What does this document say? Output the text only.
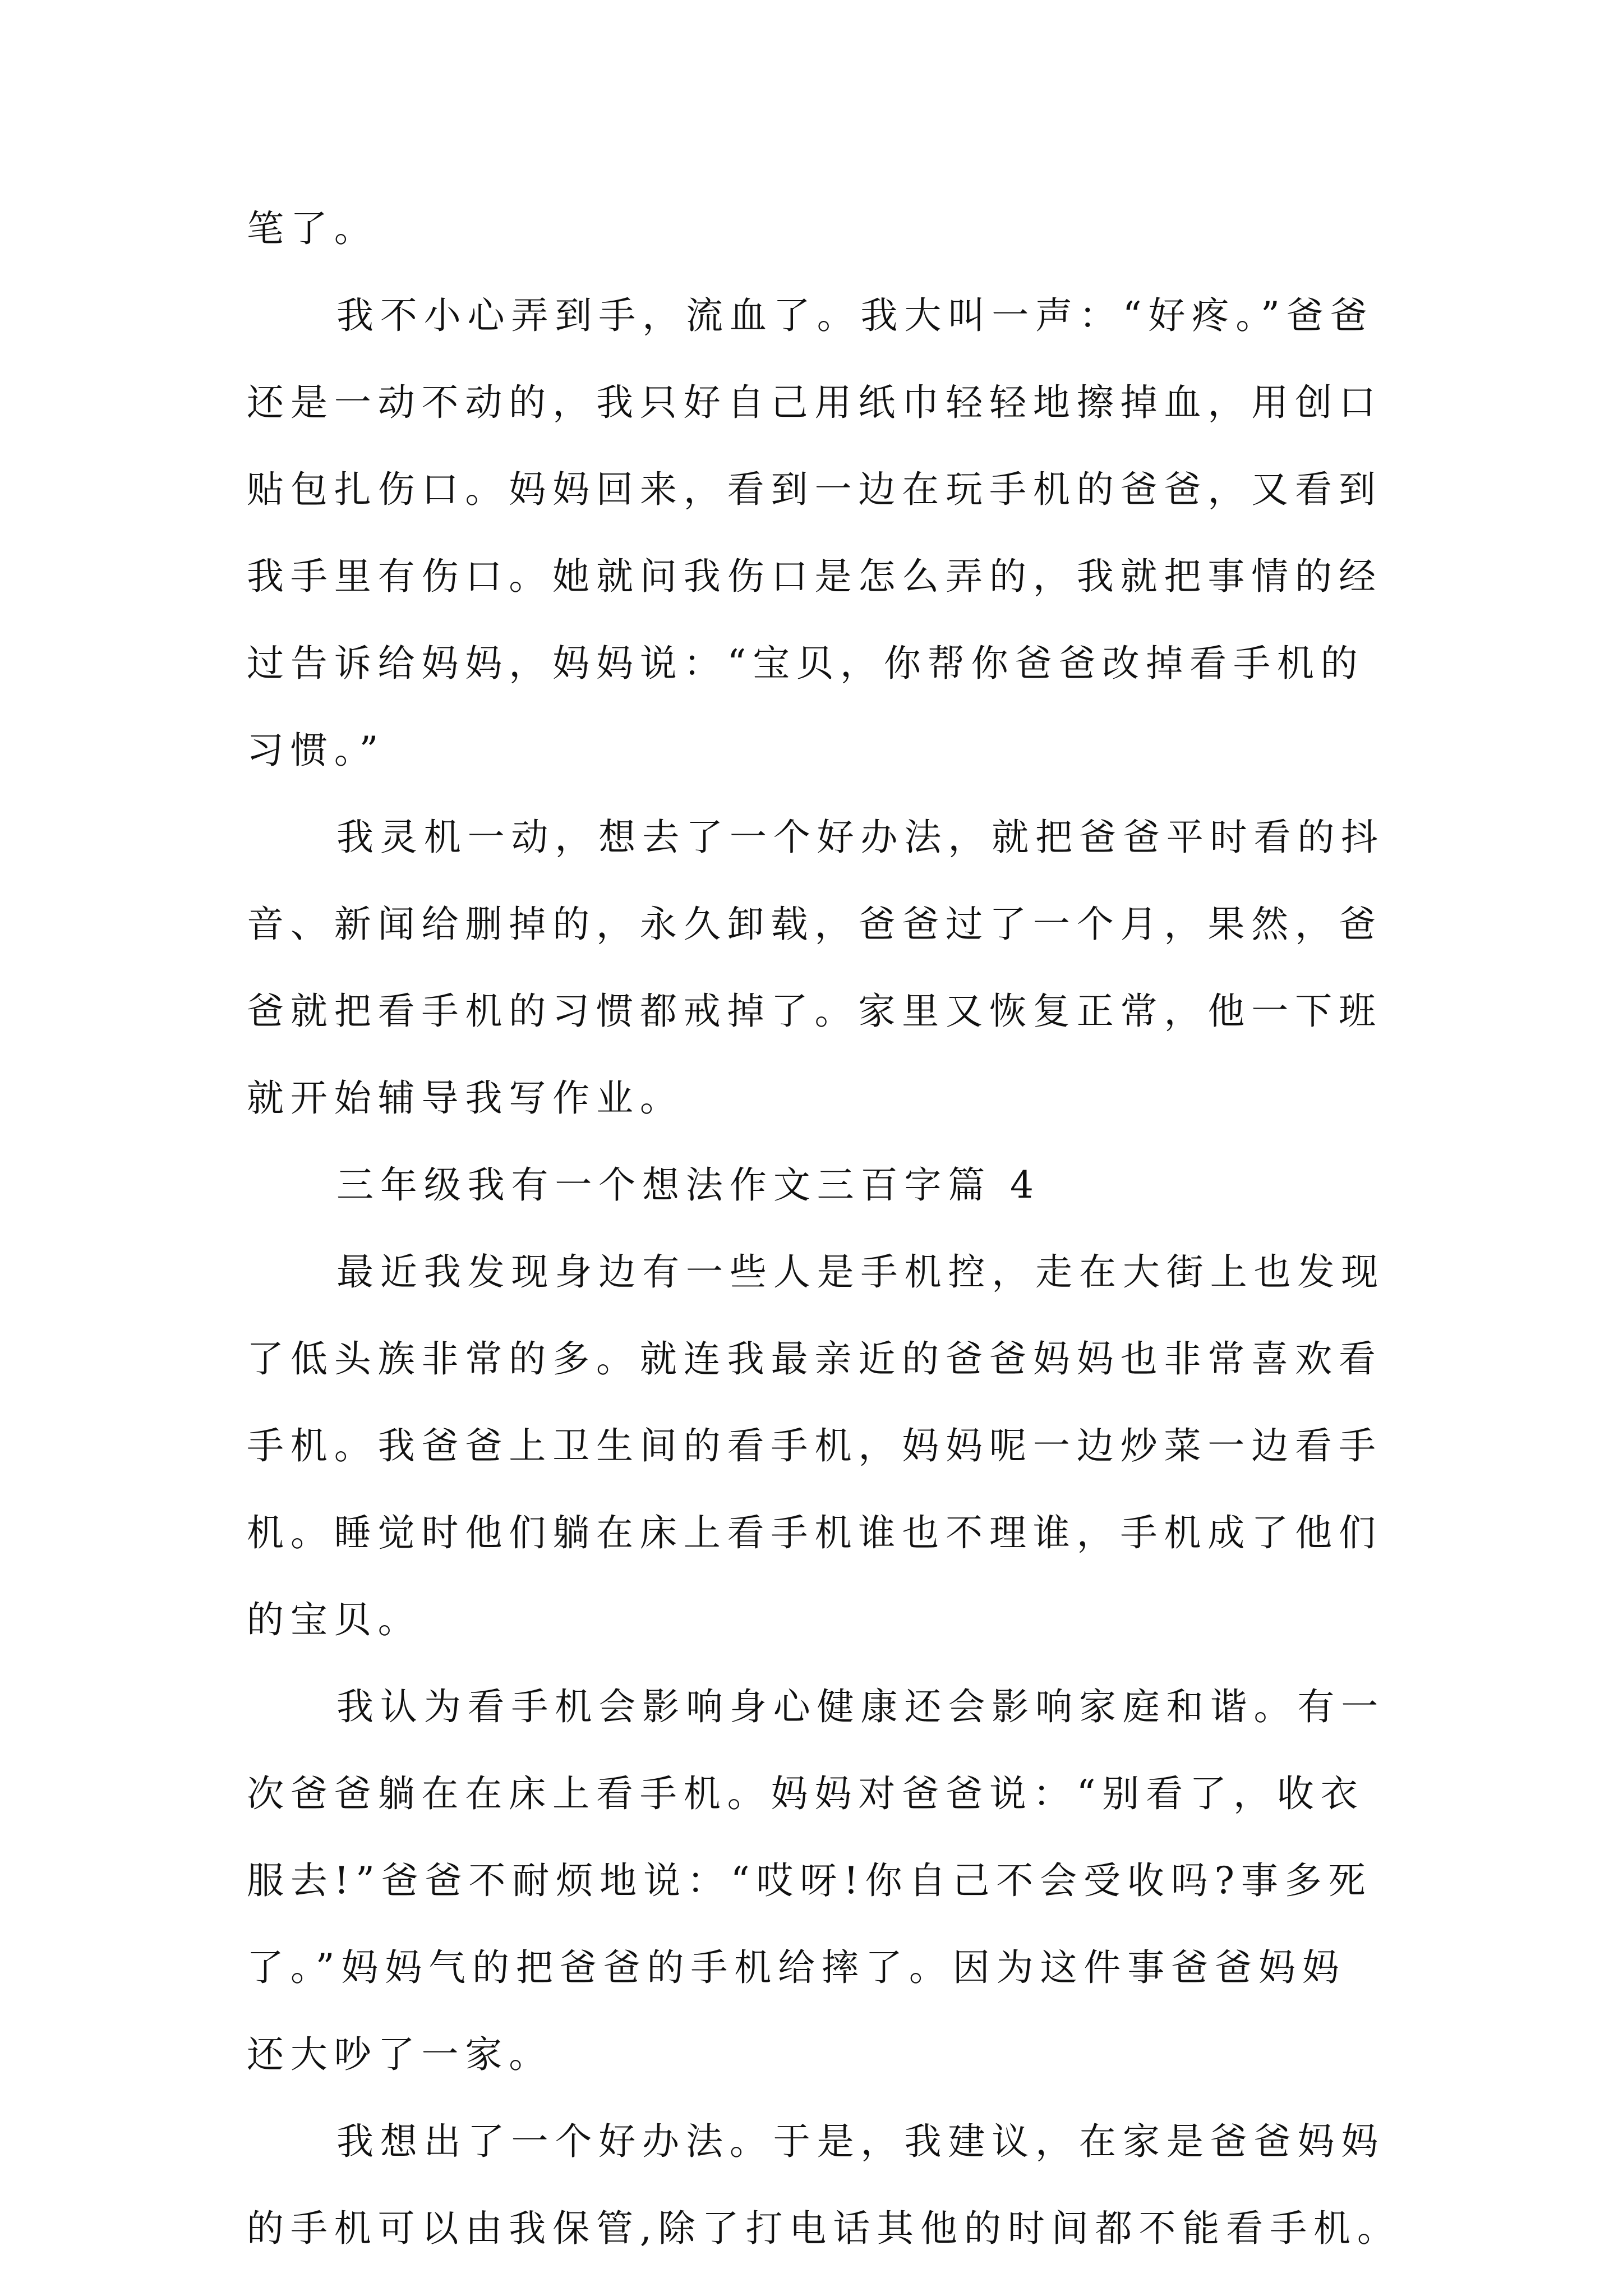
笔了。
我不小心弄到手，流血了。我大叫一声：“好疼。”爸爸
还是一动不动的，我只好自己用纸巾轻轻地擦掉血，用创口
贴包扎伤口。妈妈回来，看到一边在玩手机的爸爸，又看到
我手里有伤口。她就问我伤口是怎么弄的，我就把事情的经
过告诉给妈妈，妈妈说：“宝贝，你帮你爸爸改掉看手机的
习惯。”
我灵机一动，想去了一个好办法，就把爸爸平时看的抖
音、新闻给删掉的，永久卸载，爸爸过了一个月，果然，爸
爸就把看手机的习惯都戒掉了。家里又恢复正常，他一下班
就开始辅导我写作业。
三年级我有一个想法作文三百字篇 4
最近我发现身边有一些人是手机控，走在大街上也发现
了低头族非常的多。就连我最亲近的爸爸妈妈也非常喜欢看
手机。我爸爸上卫生间的看手机，妈妈呢一边炒菜一边看手
机。睡觉时他们躺在床上看手机谁也不理谁，手机成了他们
的宝贝。
我认为看手机会影响身心健康还会影响家庭和谐。有一
次爸爸躺在在床上看手机。妈妈对爸爸说：“别看了，收衣
服去!”爸爸不耐烦地说：“哎呀!你自己不会受收吗?事多死
了。”妈妈气的把爸爸的手机给摔了。因为这件事爸爸妈妈
还大吵了一家。
我想出了一个好办法。于是，我建议，在家是爸爸妈妈
的手机可以由我保管,除了打电话其他的时间都不能看手机。
